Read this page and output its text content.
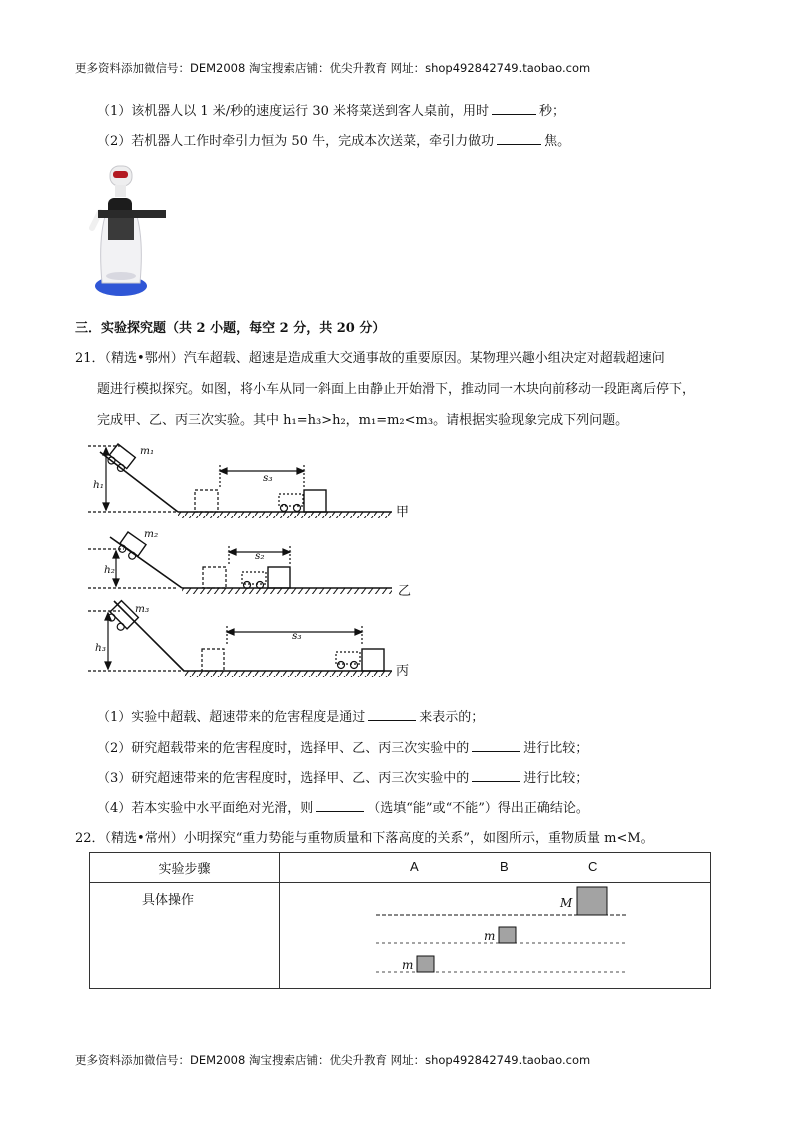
更多资料添加微信号：DEM2008 淘宝搜索店铺：优尖升教育 网址：shop492842749.taobao.com
（1）该机器人以 1 米/秒的速度运行 30 米将菜送到客人桌前，用时	秒；
（2）若机器人工作时牵引力恒为 50 牛，完成本次送菜，牵引力做功	焦。
三．实验探究题（共 2 小题，每空 2 分，共 20 分）
21．（精选•鄂州）汽车超载、超速是造成重大交通事故的重要原因。某物理兴趣小组决定对超载超速问
题进行模拟探究。如图，将小车从同一斜面上由静止开始滑下，推动同一木块向前移动一段距离后停下，
完成甲、乙、丙三次实验。其中 h₁=h₃>h₂，m₁=m₂<m₃。请根据实验现象完成下列问题。
m₁
h₁
s₃
m₂
h₂
s₂
m₃
h₃
s₃
甲
乙
丙
（1）实验中超载、超速带来的危害程度是通过	来表示的；
（2）研究超载带来的危害程度时，选择甲、乙、丙三次实验中的	进行比较；
（3）研究超速带来的危害程度时，选择甲、乙、丙三次实验中的	进行比较；
（4）若本实验中水平面绝对光滑，则	（选填“能”或“不能”）得出正确结论。
22．（精选•常州）小明探究“重力势能与重物质量和下落高度的关系”，如图所示，重物质量 m<M。
实验步骤	A B C

具体操作	M
m
m
更多资料添加微信号：DEM2008 淘宝搜索店铺：优尖升教育 网址：shop492842749.taobao.com
